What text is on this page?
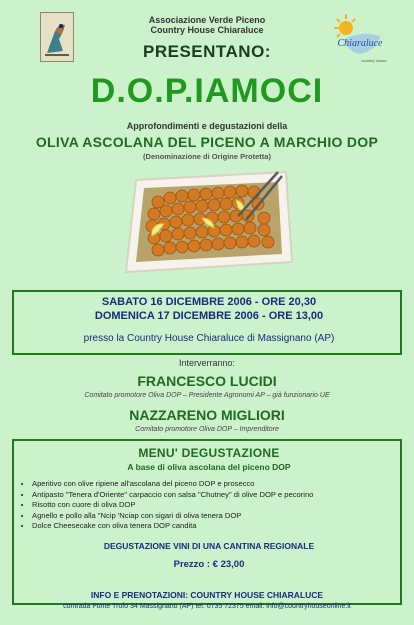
Associazione Verde Piceno
Country House Chiaraluce
PRESENTANO:	Chiaraluce
country house
D.O.P.IAMOCI
Approfondimenti e degustazioni della
OLIVA ASCOLANA DEL PICENO A MARCHIO DOP
(Denominazione di Origine Protetta)
SABATO 16 DICEMBRE 2006 - ORE 20,30
DOMENICA 17 DICEMBRE 2006 - ORE 13,00
presso la Country House Chiaraluce di Massignano (AP)
Interverranno:
FRANCESCO LUCIDI
Comitato promotore Oliva DOP – Presidente Agronomi AP – già funzionario UE
NAZZARENO MIGLIORI
Comitato promotore Oliva DOP – Imprenditore
MENU' DEGUSTAZIONE
A base di oliva ascolana del piceno DOP
• Aperitivo con olive ripiene all'ascolana del piceno DOP e prosecco
• Antipasto "Tenera d'Oriente" carpaccio con salsa "Chutney" di olive DOP e pecorino
• Risotto con cuore di oliva DOP
• Agnello e pollo alla "Ncip 'Nciap con sigari di oliva tenera DOP
• Dolce Cheesecake con oliva tenera DOP candita
DEGUSTAZIONE VINI DI UNA CANTINA REGIONALE
Prezzo : € 23,00
INFO E PRENOTAZIONI: COUNTRY HOUSE CHIARALUCE
contrada Fonte Trufo 34 Massignano (AP) tel: 0735 72375 email: info@countryhouseonline.it
